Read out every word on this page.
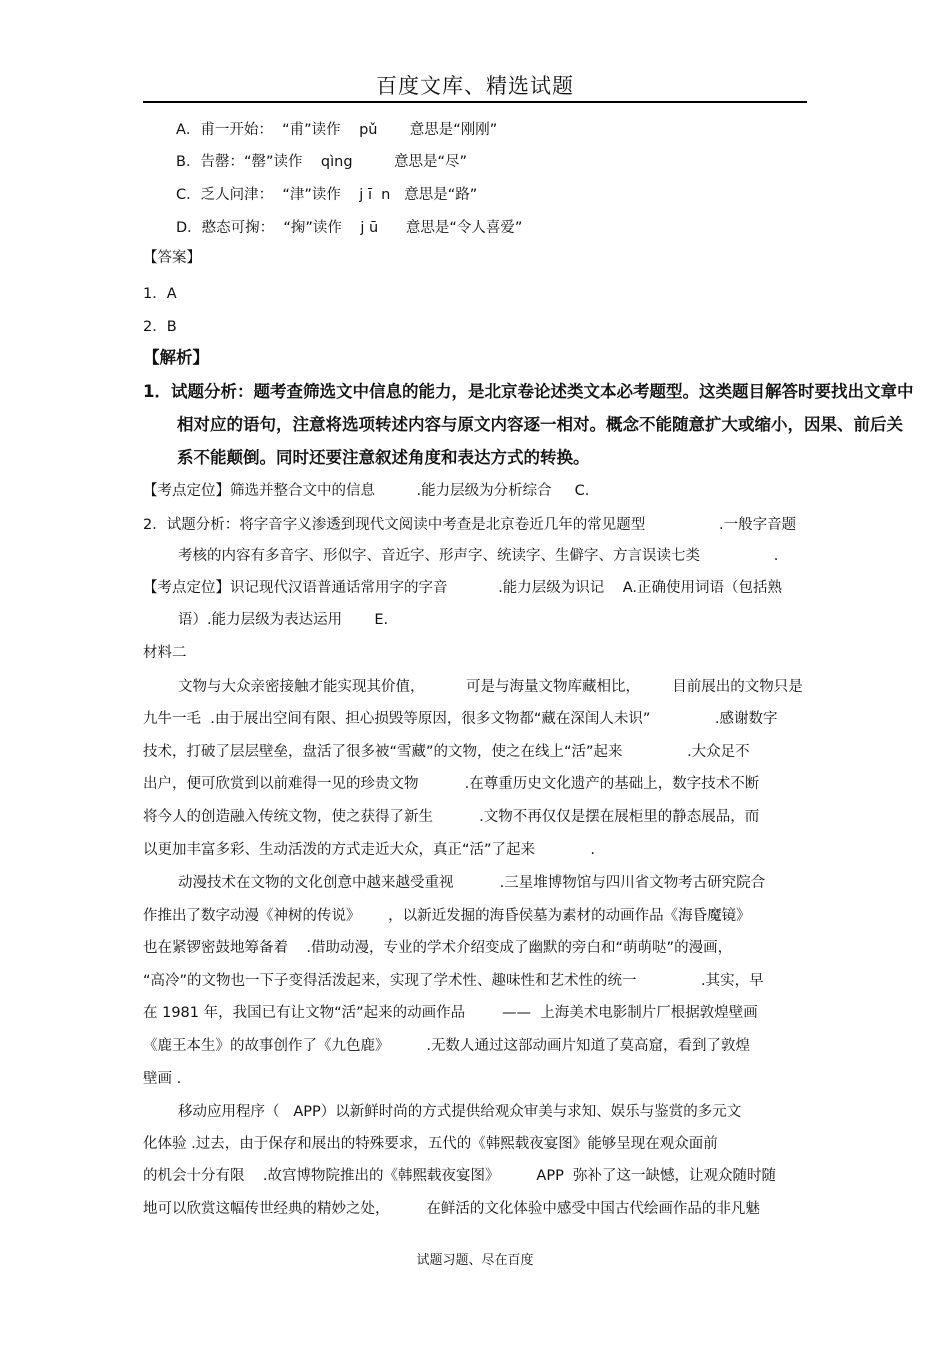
百度文库、精选试题
A．甫一开始：  “甫”读作    pǔ       意思是“刚刚”
B．告罄：“罄”读作    qìng         意思是“尽”
C．乏人问津：  “津”读作    j ī  n   意思是“路”
D．憨态可掬：  “掬”读作    j ū      意思是“令人喜爱”
【答案】
1．A
2．B
【解析】
1．试题分析：题考查筛选文中信息的能力，是北京卷论述类文本必考题型。这类题目解答时要找出文章中
相对应的语句，注意将选项转述内容与原文内容逐一相对。概念不能随意扩大或缩小，因果、前后关
系不能颠倒。同时还要注意叙述角度和表达方式的转换。
【考点定位】筛选并整合文中的信息         .能力层级为分析综合     C.
2．试题分析：将字音字义渗透到现代文阅读中考查是北京卷近几年的常见题型                .一般字音题
考核的内容有多音字、形似字、音近字、形声字、统读字、生僻字、方言误读七类                .
【考点定位】识记现代汉语普通话常用字的字音           .能力层级为识记    A.正确使用词语（包括熟
语）.能力层级为表达运用       E.
材料二
文物与大众亲密接触才能实现其价值，         可是与海量文物库藏相比，       目前展出的文物只是
九牛一毛  .由于展出空间有限、担心损毁等原因，很多文物都“藏在深闺人未识”              .感谢数字
技术，打破了层层壁垒，盘活了很多被“雪藏”的文物，使之在线上“活”起来              .大众足不
出户，便可欣赏到以前难得一见的珍贵文物          .在尊重历史文化遗产的基础上，数字技术不断
将今人的创造融入传统文物，使之获得了新生          .文物不再仅仅是摆在展柜里的静态展品，而
以更加丰富多彩、生动活泼的方式走近大众，真正“活”了起来            .
动漫技术在文物的文化创意中越来越受重视          .三星堆博物馆与四川省文物考古研究院合
作推出了数字动漫《神树的传说》      ，以新近发掘的海昏侯墓为素材的动画作品《海昏魔镜》
也在紧锣密鼓地筹备着    .借助动漫，专业的学术介绍变成了幽默的旁白和“萌萌哒”的漫画，
“高冷”的文物也一下子变得活泼起来，实现了学术性、趣味性和艺术性的统一              .其实，早
在 1981 年，我国已有让文物“活”起来的动画作品        ——  上海美术电影制片厂根据敦煌壁画
《鹿王本生》的故事创作了《九色鹿》        .无数人通过这部动画片知道了莫高窟，看到了敦煌
壁画 .
移动应用程序（   APP）以新鲜时尚的方式提供给观众审美与求知、娱乐与鉴赏的多元文
化体验 .过去，由于保存和展出的特殊要求，五代的《韩熙载夜宴图》能够呈现在观众面前
的机会十分有限    .故宫博物院推出的《韩熙载夜宴图》        APP  弥补了这一缺憾，让观众随时随
地可以欣赏这幅传世经典的精妙之处，        在鲜活的文化体验中感受中国古代绘画作品的非凡魅
试题习题、尽在百度
